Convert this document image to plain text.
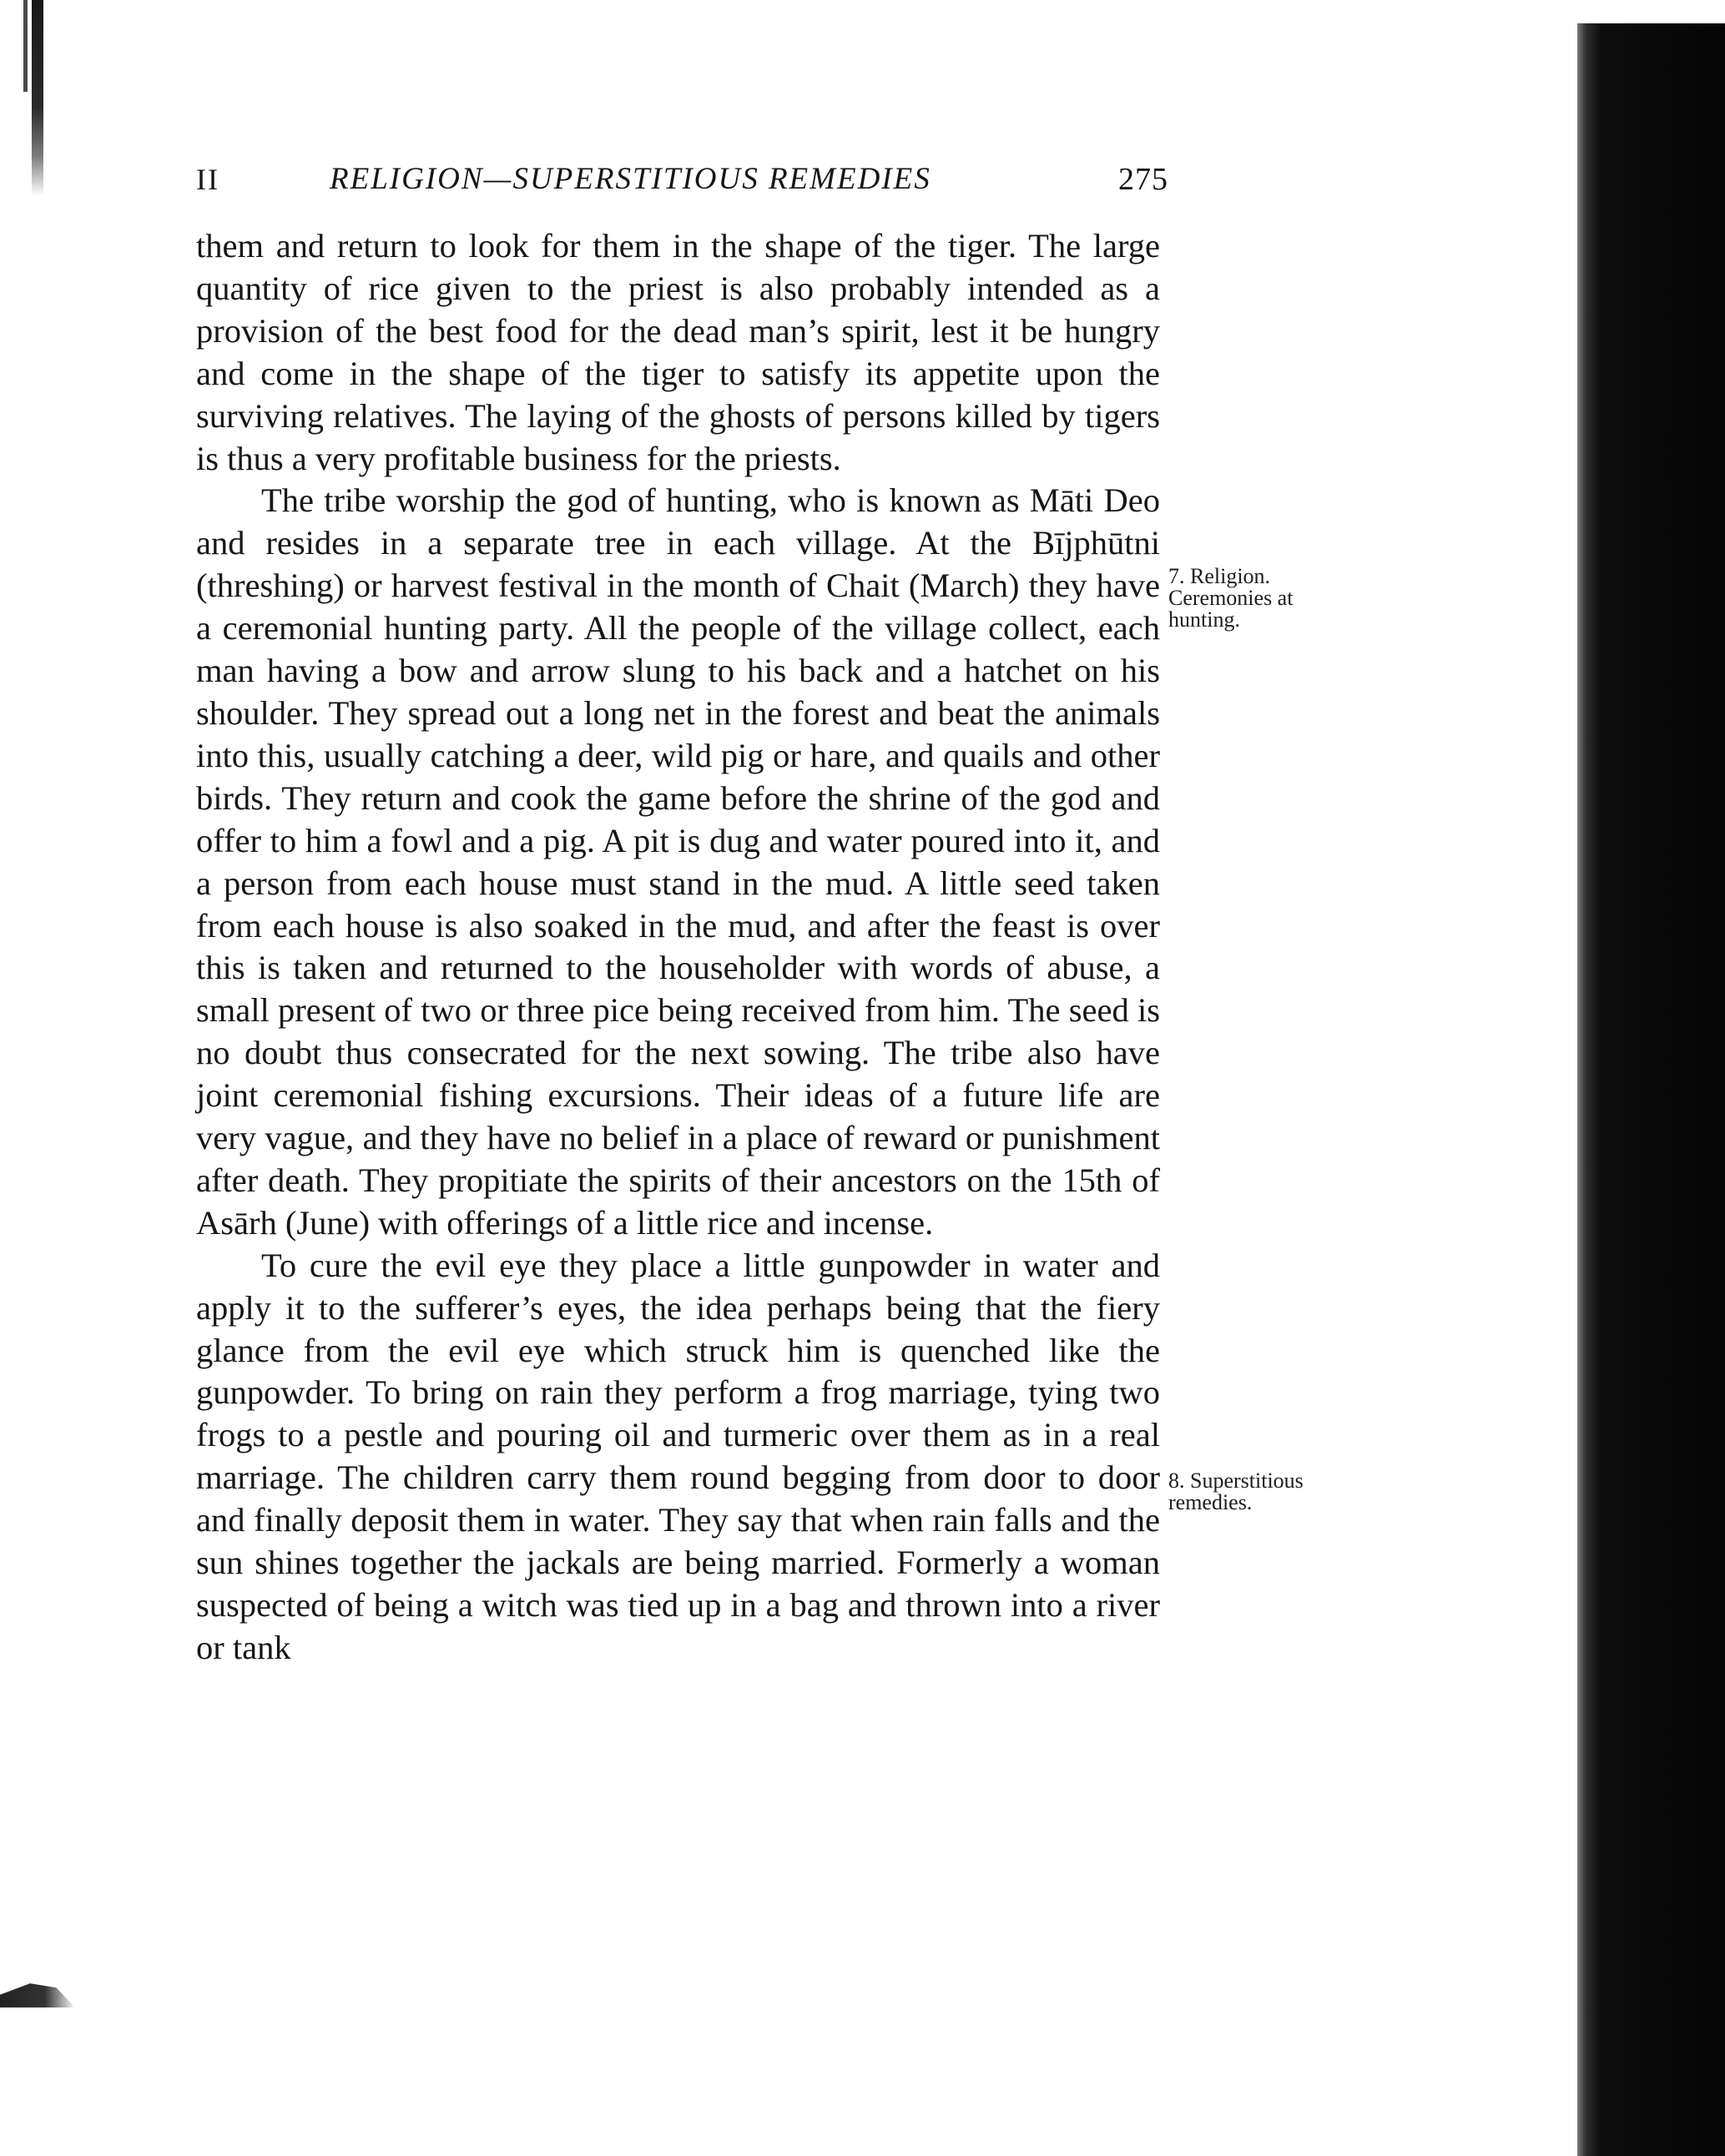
II	RELIGION—SUPERSTITIOUS REMEDIES	275

them and return to look for them in the shape of the tiger. The large quantity of rice given to the priest is also probably intended as a provision of the best food for the dead man’s spirit, lest it be hungry and come in the shape of the tiger to satisfy its appetite upon the surviving relatives. The laying of the ghosts of persons killed by tigers is thus a very profitable business for the priests.

The tribe worship the god of hunting, who is known as Māti Deo and resides in a separate tree in each village. At the Bījphūtni (threshing) or harvest festival in the month of Chait (March) they have a ceremonial hunting party. All the people of the village collect, each man having a bow and arrow slung to his back and a hatchet on his shoulder. They spread out a long net in the forest and beat the animals into this, usually catching a deer, wild pig or hare, and quails and other birds. They return and cook the game before the shrine of the god and offer to him a fowl and a pig. A pit is dug and water poured into it, and a person from each house must stand in the mud. A little seed taken from each house is also soaked in the mud, and after the feast is over this is taken and returned to the householder with words of abuse, a small present of two or three pice being received from him. The seed is no doubt thus consecrated for the next sowing. The tribe also have joint ceremonial fishing excursions. Their ideas of a future life are very vague, and they have no belief in a place of reward or punishment after death. They propitiate the spirits of their ancestors on the 15th of Asārh (June) with offerings of a little rice and incense.

To cure the evil eye they place a little gunpowder in water and apply it to the sufferer’s eyes, the idea perhaps being that the fiery glance from the evil eye which struck him is quenched like the gunpowder. To bring on rain they perform a frog marriage, tying two frogs to a pestle and pouring oil and turmeric over them as in a real marriage. The children carry them round begging from door to door and finally deposit them in water. They say that when rain falls and the sun shines together the jackals are being married. Formerly a woman suspected of being a witch was tied up in a bag and thrown into a river or tank

7. Religion. Ceremonies at hunting.
8. Superstitious remedies.
